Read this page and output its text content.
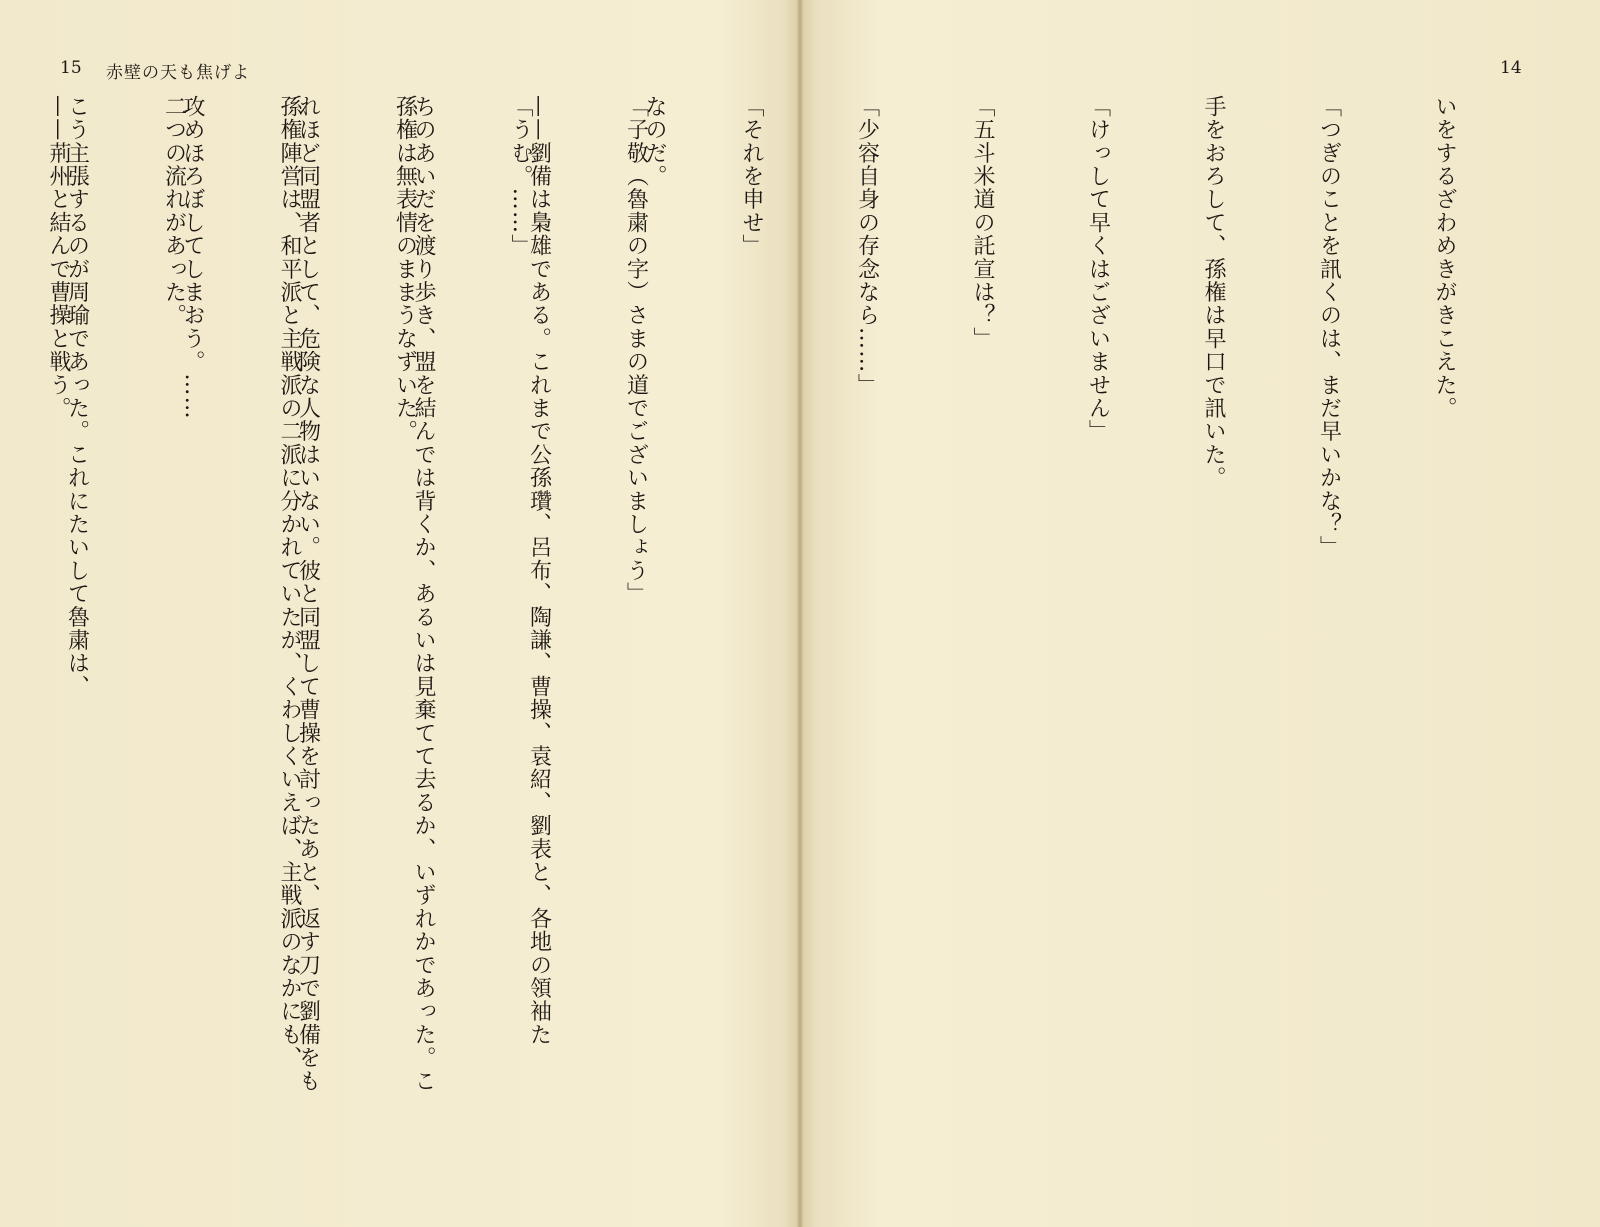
15 赤壁の天も焦げよ

なのだ。

——劉備は梟雄である。これまで公孫瓚、呂布、陶謙、曹操、袁紹、劉表と、各地の領袖た

ちのあいだを渡り歩き、盟を結んでは背くか、あるいは見棄てて去るか、いずれかであった。こ

れほど同盟者として、危険な人物はいない。彼と同盟して曹操を討ったあと、返す刀で劉備をも

攻めほろぼしてしまおう。……

こう主張するのが周瑜であった。これにたいして魯粛は、

14

いをするざわめきがきこえた。

「つぎのことを訊くのは、まだ早いかな？」

手をおろして、孫権は早口で訊いた。

「けっして早くはございません」

「五斗米道の託宣は？」

「少容自身の存念なら……」

「それを申せ」

「子敬（魯粛の字）さまの道でございましょう」

「うむ。……」

孫権は無表情のままうなずいた。

孫権陣営は、和平派と主戦派の二派に分かれていたが、くわしくいえば、主戦派のなかにも、

二つの流れがあった。

——荊州と結んで曹操と戦う。
